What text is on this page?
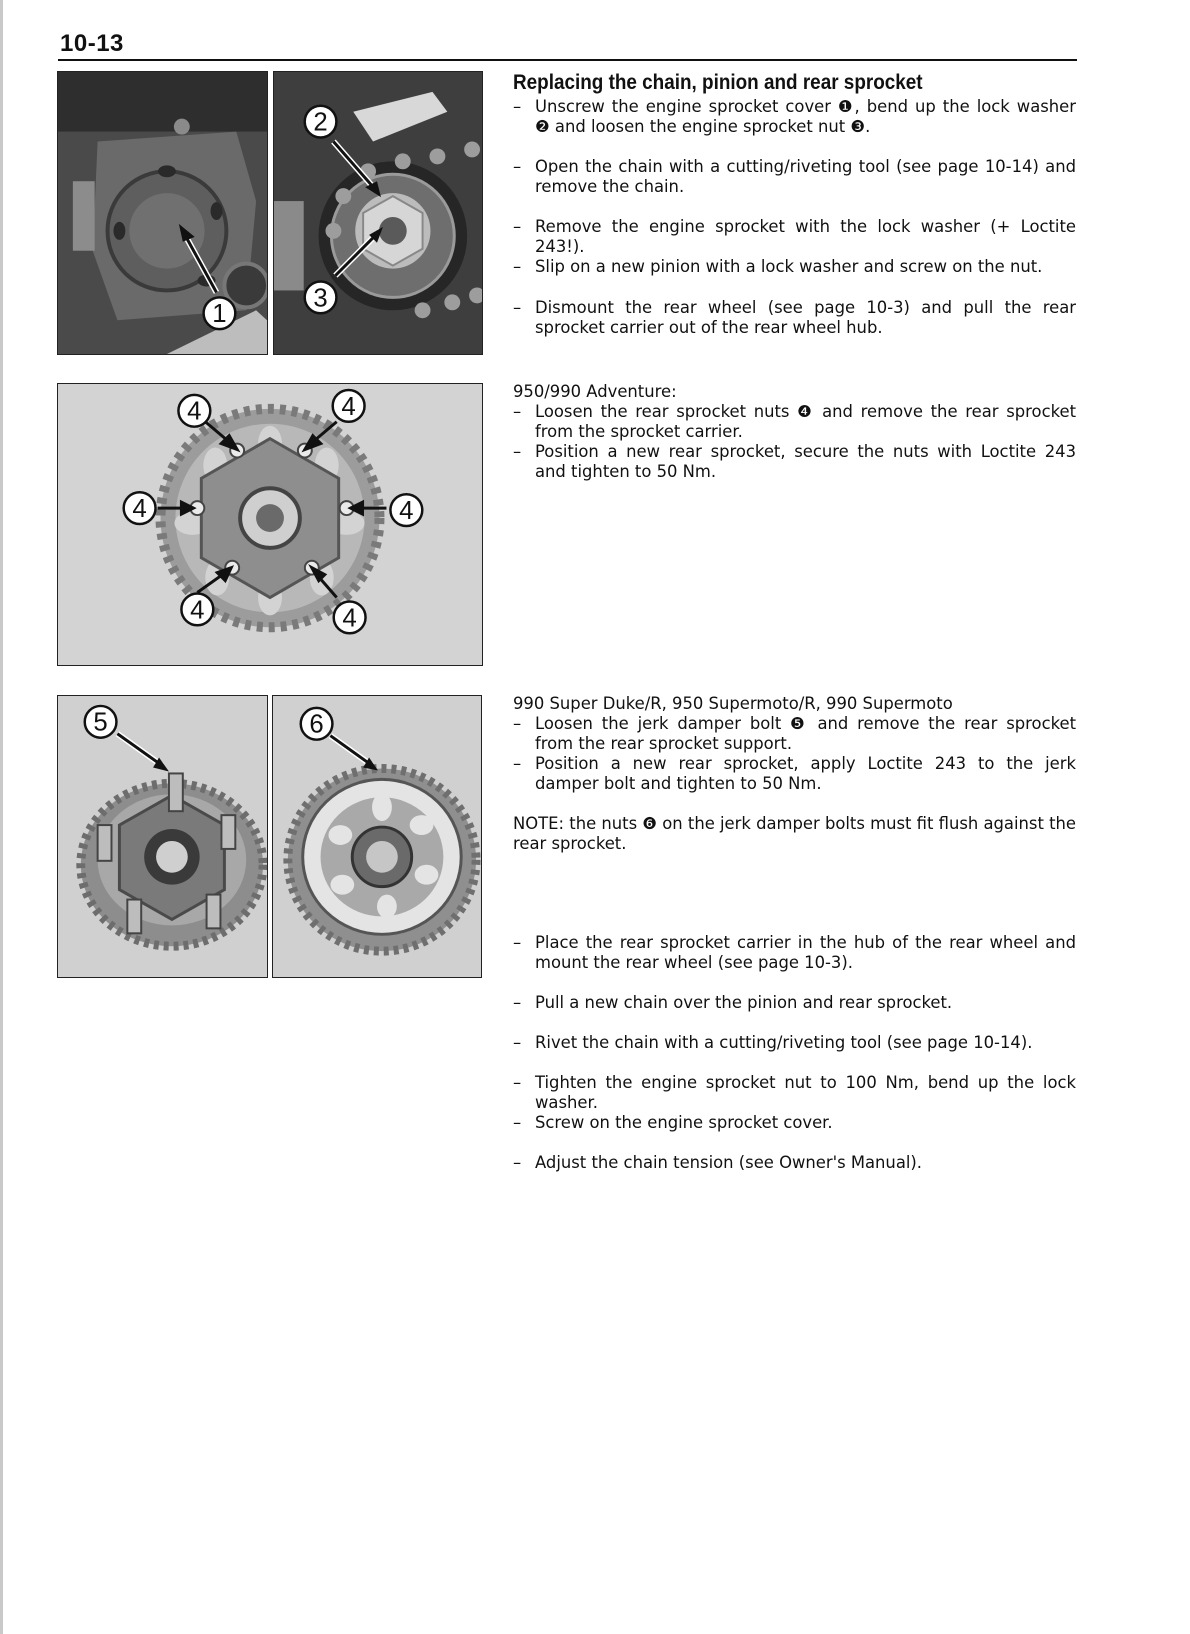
10-13
1
2
3
4	4
4	4
4	4
5	6
Replacing the chain, pinion and rear sprocket
– Unscrew the engine sprocket cover ❶, bend up the lock washer ❷ and loosen the engine sprocket nut ❸.
– Open the chain with a cutting/riveting tool (see page 10-14) and remove the chain.
– Remove the engine sprocket with the lock washer (+ Loctite 243!).
– Slip on a new pinion with a lock washer and screw on the nut.
– Dismount the rear wheel (see page 10-3) and pull the rear sprocket carrier out of the rear wheel hub.
950/990 Adventure:
– Loosen the rear sprocket nuts ❹ and remove the rear sprocket from the sprocket carrier.
– Position a new rear sprocket, secure the nuts with Loctite 243 and tighten to 50 Nm.
990 Super Duke/R, 950 Supermoto/R, 990 Supermoto
– Loosen the jerk damper bolt ❺ and remove the rear sprocket from the rear sprocket support.
– Position a new rear sprocket, apply Loctite 243 to the jerk damper bolt and tighten to 50 Nm.
NOTE: the nuts ❻ on the jerk damper bolts must fit flush against the rear sprocket.
– Place the rear sprocket carrier in the hub of the rear wheel and mount the rear wheel (see page 10-3).
– Pull a new chain over the pinion and rear sprocket.
– Rivet the chain with a cutting/riveting tool (see page 10-14).
– Tighten the engine sprocket nut to 100 Nm, bend up the lock washer.
– Screw on the engine sprocket cover.
– Adjust the chain tension (see Owner's Manual).
